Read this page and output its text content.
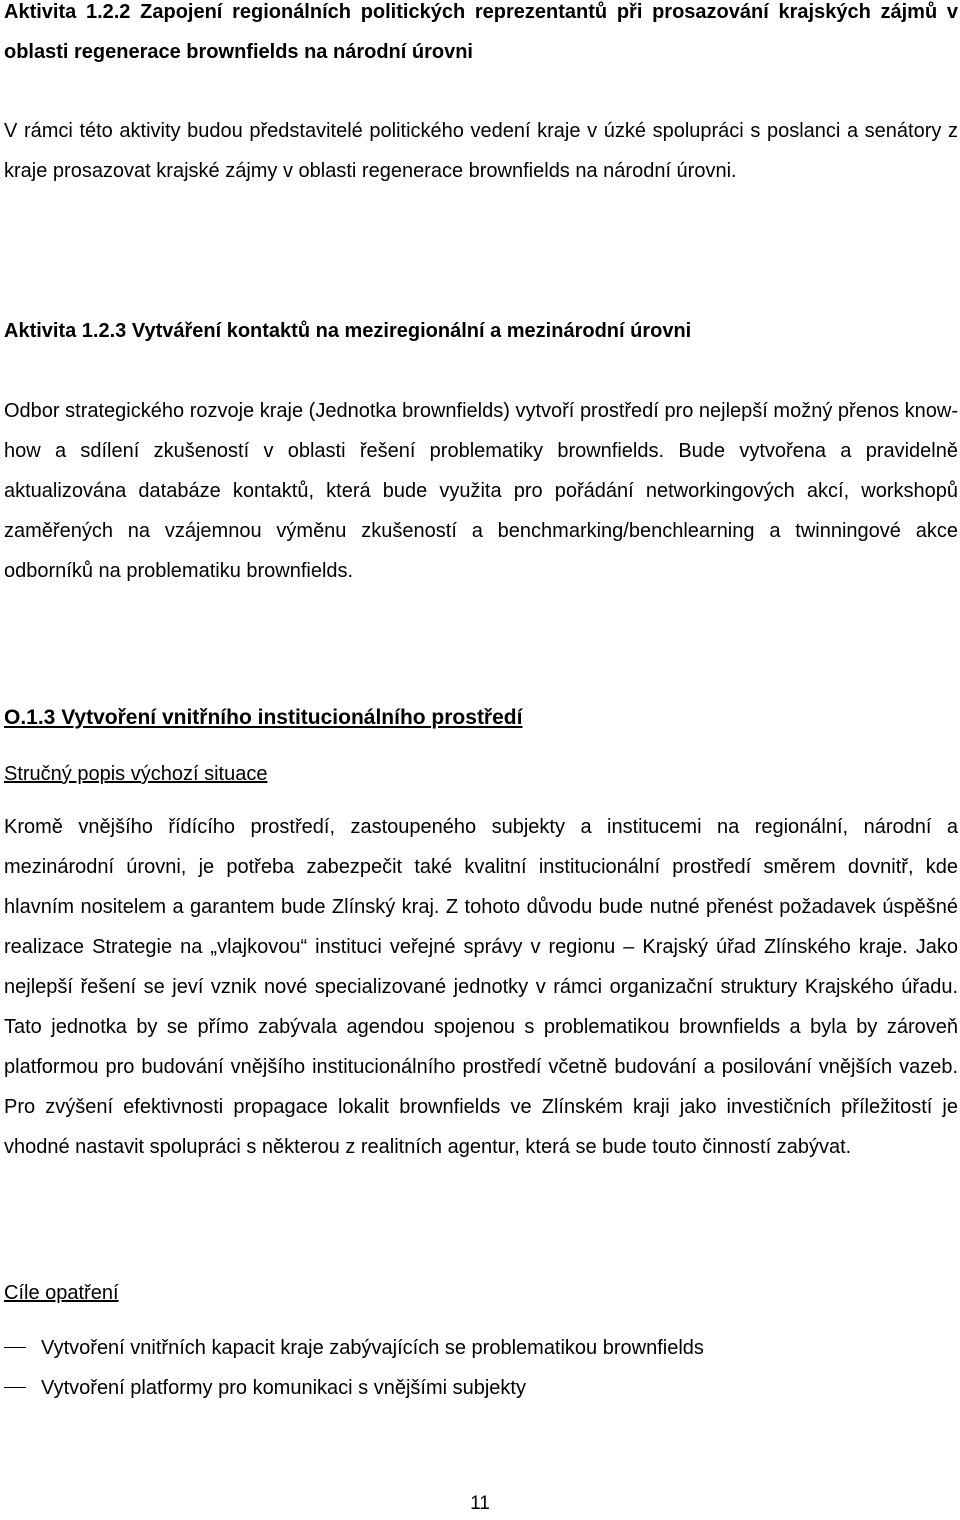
Aktivita 1.2.2 Zapojení regionálních politických reprezentantů při prosazování krajských zájmů v oblasti regenerace brownfields na národní úrovni

V rámci této aktivity budou představitelé politického vedení kraje v úzké spolupráci s poslanci a senátory z kraje prosazovat krajské zájmy v oblasti regenerace brownfields na národní úrovni.

Aktivita 1.2.3 Vytváření kontaktů na meziregionální a mezinárodní úrovni

Odbor strategického rozvoje kraje (Jednotka brownfields) vytvoří prostředí pro nejlepší možný přenos know-how a sdílení zkušeností v oblasti řešení problematiky brownfields. Bude vytvořena a pravidelně aktualizována databáze kontaktů, která bude využita pro pořádání networkingových akcí, workshopů zaměřených na vzájemnou výměnu zkušeností a benchmarking/benchlearning a twinningové akce odborníků na problematiku brownfields.

O.1.3 Vytvoření vnitřního institucionálního prostředí

Stručný popis výchozí situace

Kromě vnějšího řídícího prostředí, zastoupeného subjekty a institucemi na regionální, národní a mezinárodní úrovni, je potřeba zabezpečit také kvalitní institucionální prostředí směrem dovnitř, kde hlavním nositelem a garantem bude Zlínský kraj. Z tohoto důvodu bude nutné přenést požadavek úspěšné realizace Strategie na „vlajkovou“ instituci veřejné správy v regionu – Krajský úřad Zlínského kraje. Jako nejlepší řešení se jeví vznik nové specializované jednotky v rámci organizační struktury Krajského úřadu. Tato jednotka by se přímo zabývala agendou spojenou s problematikou brownfields a byla by zároveň platformou pro budování vnějšího institucionálního prostředí včetně budování a posilování vnějších vazeb. Pro zvýšení efektivnosti propagace lokalit brownfields ve Zlínském kraji jako investičních příležitostí je vhodné nastavit spolupráci s některou z realitních agentur, která se bude touto činností zabývat.

Cíle opatření

Vytvoření vnitřních kapacit kraje zabývajících se problematikou brownfields
Vytvoření platformy pro komunikaci s vnějšími subjekty
11
